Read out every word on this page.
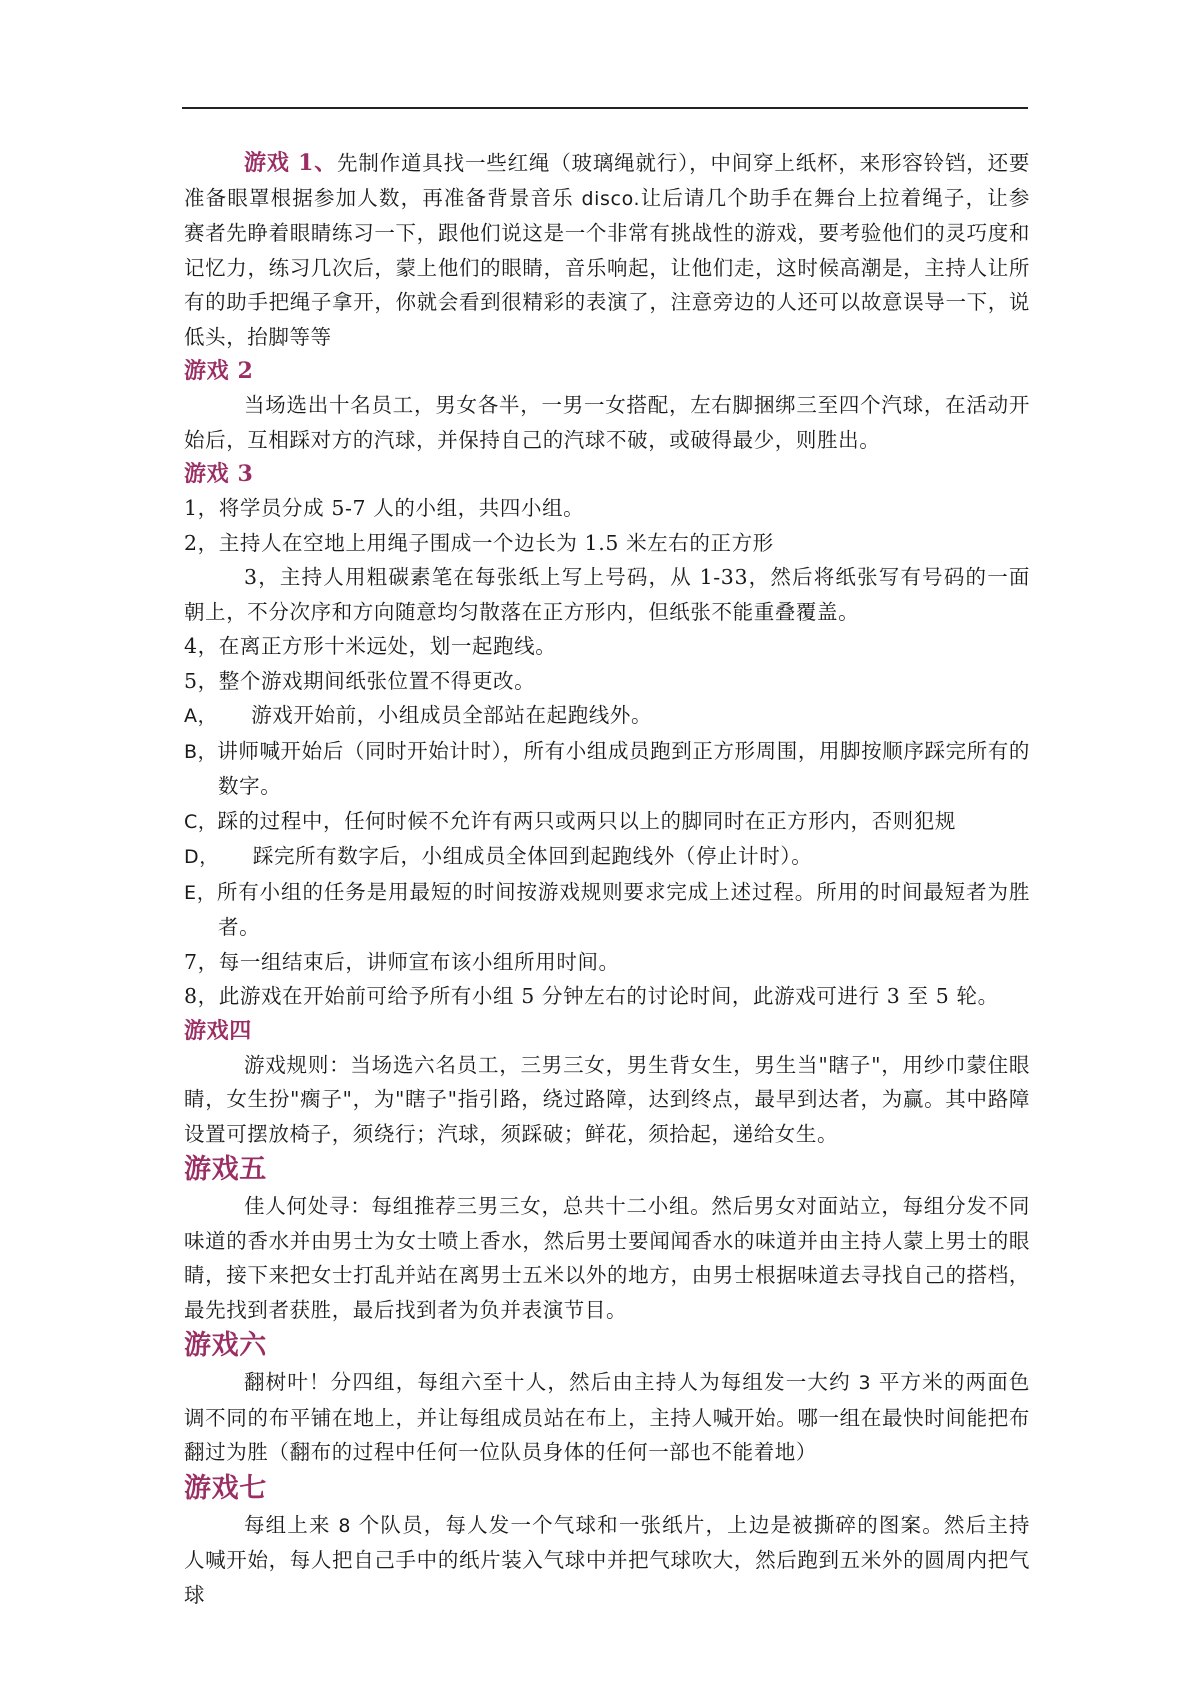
游戏 1、先制作道具找一些红绳（玻璃绳就行），中间穿上纸杯，来形容铃铛，还要准备眼罩根据参加人数，再准备背景音乐 disco.让后请几个助手在舞台上拉着绳子，让参赛者先睁着眼睛练习一下，跟他们说这是一个非常有挑战性的游戏，要考验他们的灵巧度和记忆力，练习几次后，蒙上他们的眼睛，音乐响起，让他们走，这时候高潮是，主持人让所有的助手把绳子拿开，你就会看到很精彩的表演了，注意旁边的人还可以故意误导一下，说低头，抬脚等等

游戏 2

当场选出十名员工，男女各半，一男一女搭配，左右脚捆绑三至四个汽球，在活动开始后，互相踩对方的汽球，并保持自己的汽球不破，或破得最少，则胜出。

游戏 3

1，将学员分成 5-7 人的小组，共四小组。

2，主持人在空地上用绳子围成一个边长为 1.5 米左右的正方形

3，主持人用粗碳素笔在每张纸上写上号码，从 1-33，然后将纸张写有号码的一面朝上，不分次序和方向随意均匀散落在正方形内，但纸张不能重叠覆盖。

4，在离正方形十米远处，划一起跑线。

5，整个游戏期间纸张位置不得更改。

A， 游戏开始前，小组成员全部站在起跑线外。

B，讲师喊开始后（同时开始计时），所有小组成员跑到正方形周围，用脚按顺序踩完所有的数字。

C，踩的过程中，任何时候不允许有两只或两只以上的脚同时在正方形内，否则犯规

D， 踩完所有数字后，小组成员全体回到起跑线外（停止计时）。

E，所有小组的任务是用最短的时间按游戏规则要求完成上述过程。所用的时间最短者为胜者。

7，每一组结束后，讲师宣布该小组所用时间。

8，此游戏在开始前可给予所有小组 5 分钟左右的讨论时间，此游戏可进行 3 至 5 轮。

游戏四

游戏规则：当场选六名员工，三男三女，男生背女生，男生当"瞎子"，用纱巾蒙住眼睛，女生扮"瘸子"，为"瞎子"指引路，绕过路障，达到终点，最早到达者，为赢。其中路障设置可摆放椅子，须绕行；汽球，须踩破；鲜花，须拾起，递给女生。

游戏五

佳人何处寻：每组推荐三男三女，总共十二小组。然后男女对面站立，每组分发不同味道的香水并由男士为女士喷上香水，然后男士要闻闻香水的味道并由主持人蒙上男士的眼睛，接下来把女士打乱并站在离男士五米以外的地方，由男士根据味道去寻找自己的搭档，最先找到者获胜，最后找到者为负并表演节目。

游戏六

翻树叶！分四组，每组六至十人，然后由主持人为每组发一大约 3 平方米的两面色调不同的布平铺在地上，并让每组成员站在布上，主持人喊开始。哪一组在最快时间能把布翻过为胜（翻布的过程中任何一位队员身体的任何一部也不能着地）

游戏七

每组上来 8 个队员，每人发一个气球和一张纸片，上边是被撕碎的图案。然后主持人喊开始，每人把自己手中的纸片装入气球中并把气球吹大，然后跑到五米外的圆周内把气球
